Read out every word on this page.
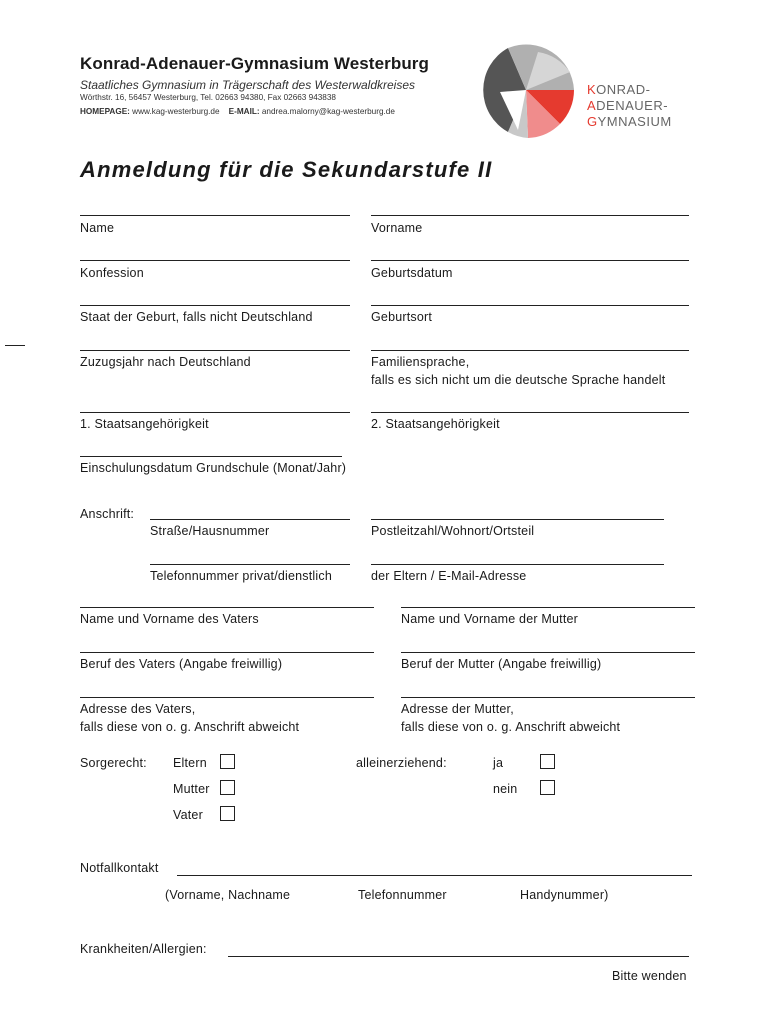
Konrad-Adenauer-Gymnasium Westerburg
Staatliches Gymnasium in Trägerschaft des Westerwaldkreises
Wörthstr. 16, 56457 Westerburg, Tel. 02663 94380, Fax 02663 943838
HOMEPAGE: www.kag-westerburg.de E-MAIL: andrea.malorny@kag-westerburg.de
KONRAD-
ADENAUER-
GYMNASIUM
Anmeldung für die Sekundarstufe II
Name	Vorname
Konfession	Geburtsdatum
Staat der Geburt, falls nicht Deutschland	Geburtsort
Zuzugsjahr nach Deutschland	Familiensprache,
falls es sich nicht um die deutsche Sprache handelt
1. Staatsangehörigkeit	2. Staatsangehörigkeit
Einschulungsdatum Grundschule (Monat/Jahr)
Anschrift:
Straße/Hausnummer	Postleitzahl/Wohnort/Ortsteil
Telefonnummer privat/dienstlich	der Eltern / E-Mail-Adresse
Name und Vorname des Vaters	Name und Vorname der Mutter
Beruf des Vaters (Angabe freiwillig)	Beruf der Mutter (Angabe freiwillig)
Adresse des Vaters,
falls diese von o. g. Anschrift abweicht
Adresse der Mutter,
falls diese von o. g. Anschrift abweicht
Sorgerecht: Eltern
Mutter
Vater
alleinerziehend:	ja
nein
Notfallkontakt
(Vorname, Nachname	Telefonnummer	Handynummer)
Krankheiten/Allergien:
Bitte wenden
